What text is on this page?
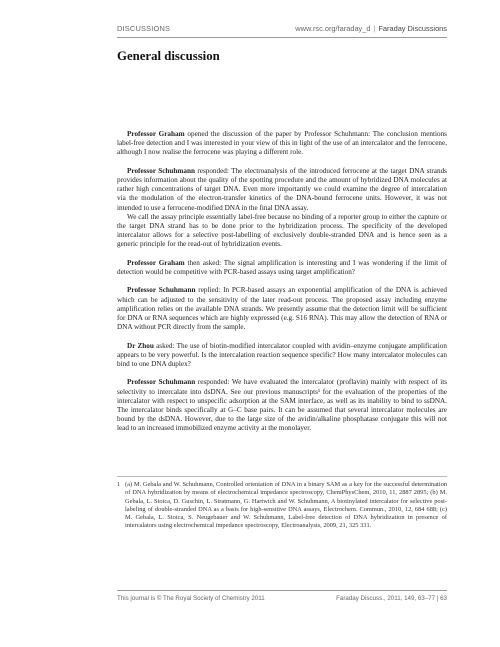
DISCUSSIONS	www.rsc.org/faraday_d | Faraday Discussions
General discussion

Professor Graham opened the discussion of the paper by Professor Schuhmann: The conclusion mentions label-free detection and I was interested in your view of this in light of the use of an intercalator and the ferrocene, although I now realise the ferrocene was playing a different role.

Professor Schuhmann responded: The electroanalysis of the introduced ferrocene at the target DNA strands provides information about the quality of the spotting procedure and the amount of hybridized DNA molecules at rather high concentrations of target DNA. Even more importantly we could examine the degree of intercalation via the modulation of the electron-transfer kinetics of the DNA-bound ferrocene units. However, it was not intended to use a ferrocene-modified DNA in the final DNA assay.

We call the assay principle essentially label-free because no binding of a reporter group to either the capture or the target DNA strand has to be done prior to the hybridization process. The specificity of the developed intercalator allows for a selective post-labelling of exclusively double-stranded DNA and is hence seen as a generic principle for the read-out of hybridization events.

Professor Graham then asked: The signal amplification is interesting and I was wondering if the limit of detection would be competitive with PCR-based assays using target amplification?

Professor Schuhmann replied: In PCR-based assays an exponential amplification of the DNA is achieved which can be adjusted to the sensitivity of the later read-out process. The proposed assay including enzyme amplification relies on the available DNA strands. We presently assume that the detection limit will be sufficient for DNA or RNA sequences which are highly expressed (e.g. S16 RNA). This may allow the detection of RNA or DNA without PCR directly from the sample.

Dr Zhou asked: The use of biotin-modified intercalator coupled with avidin–enzyme conjugate amplification appears to be very powerful. Is the intercalation reaction sequence specific? How many intercalator molecules can bind to one DNA duplex?

Professor Schuhmann responded: We have evaluated the intercalator (proflavin) mainly with respect of its selectivity to intercalate into dsDNA. See our previous manuscripts¹ for the evaluation of the properties of the intercalator with respect to unspecific adsorption at the SAM interface, as well as its inability to bind to ssDNA. The intercalator binds specifically at G–C base pairs. It can be assumed that several intercalator molecules are bound by the dsDNA. However, due to the large size of the avidin/alkaline phosphatase conjugate this will not lead to an increased immobilized enzyme activity at the monolayer.

1 (a) M. Gebala and W. Schuhmann, Controlled orientation of DNA in a binary SAM as a key for the successful determination of DNA hybridization by means of electrochemical impedance spectroscopy, ChemPhysChem, 2010, 11, 2887 2895; (b) M. Gebala, L. Stoica, D. Guschin, L. Stratmann, G. Hartwich and W. Schuhmann, A biotinylated intercalator for selective post-labeling of double-stranded DNA as a basis for high-sensitive DNA assays, Electrochem. Commun., 2010, 12, 684 688; (c) M. Gebala, L. Stoica, S. Neugebauer and W. Schuhmann, Label-free detection of DNA hybridization in presence of intercalators using electrochemical impedance spectroscopy, Electroanalysis, 2009, 21, 325 331.
This journal is © The Royal Society of Chemistry 2011	Faraday Discuss., 2011, 149, 63–77 | 63
